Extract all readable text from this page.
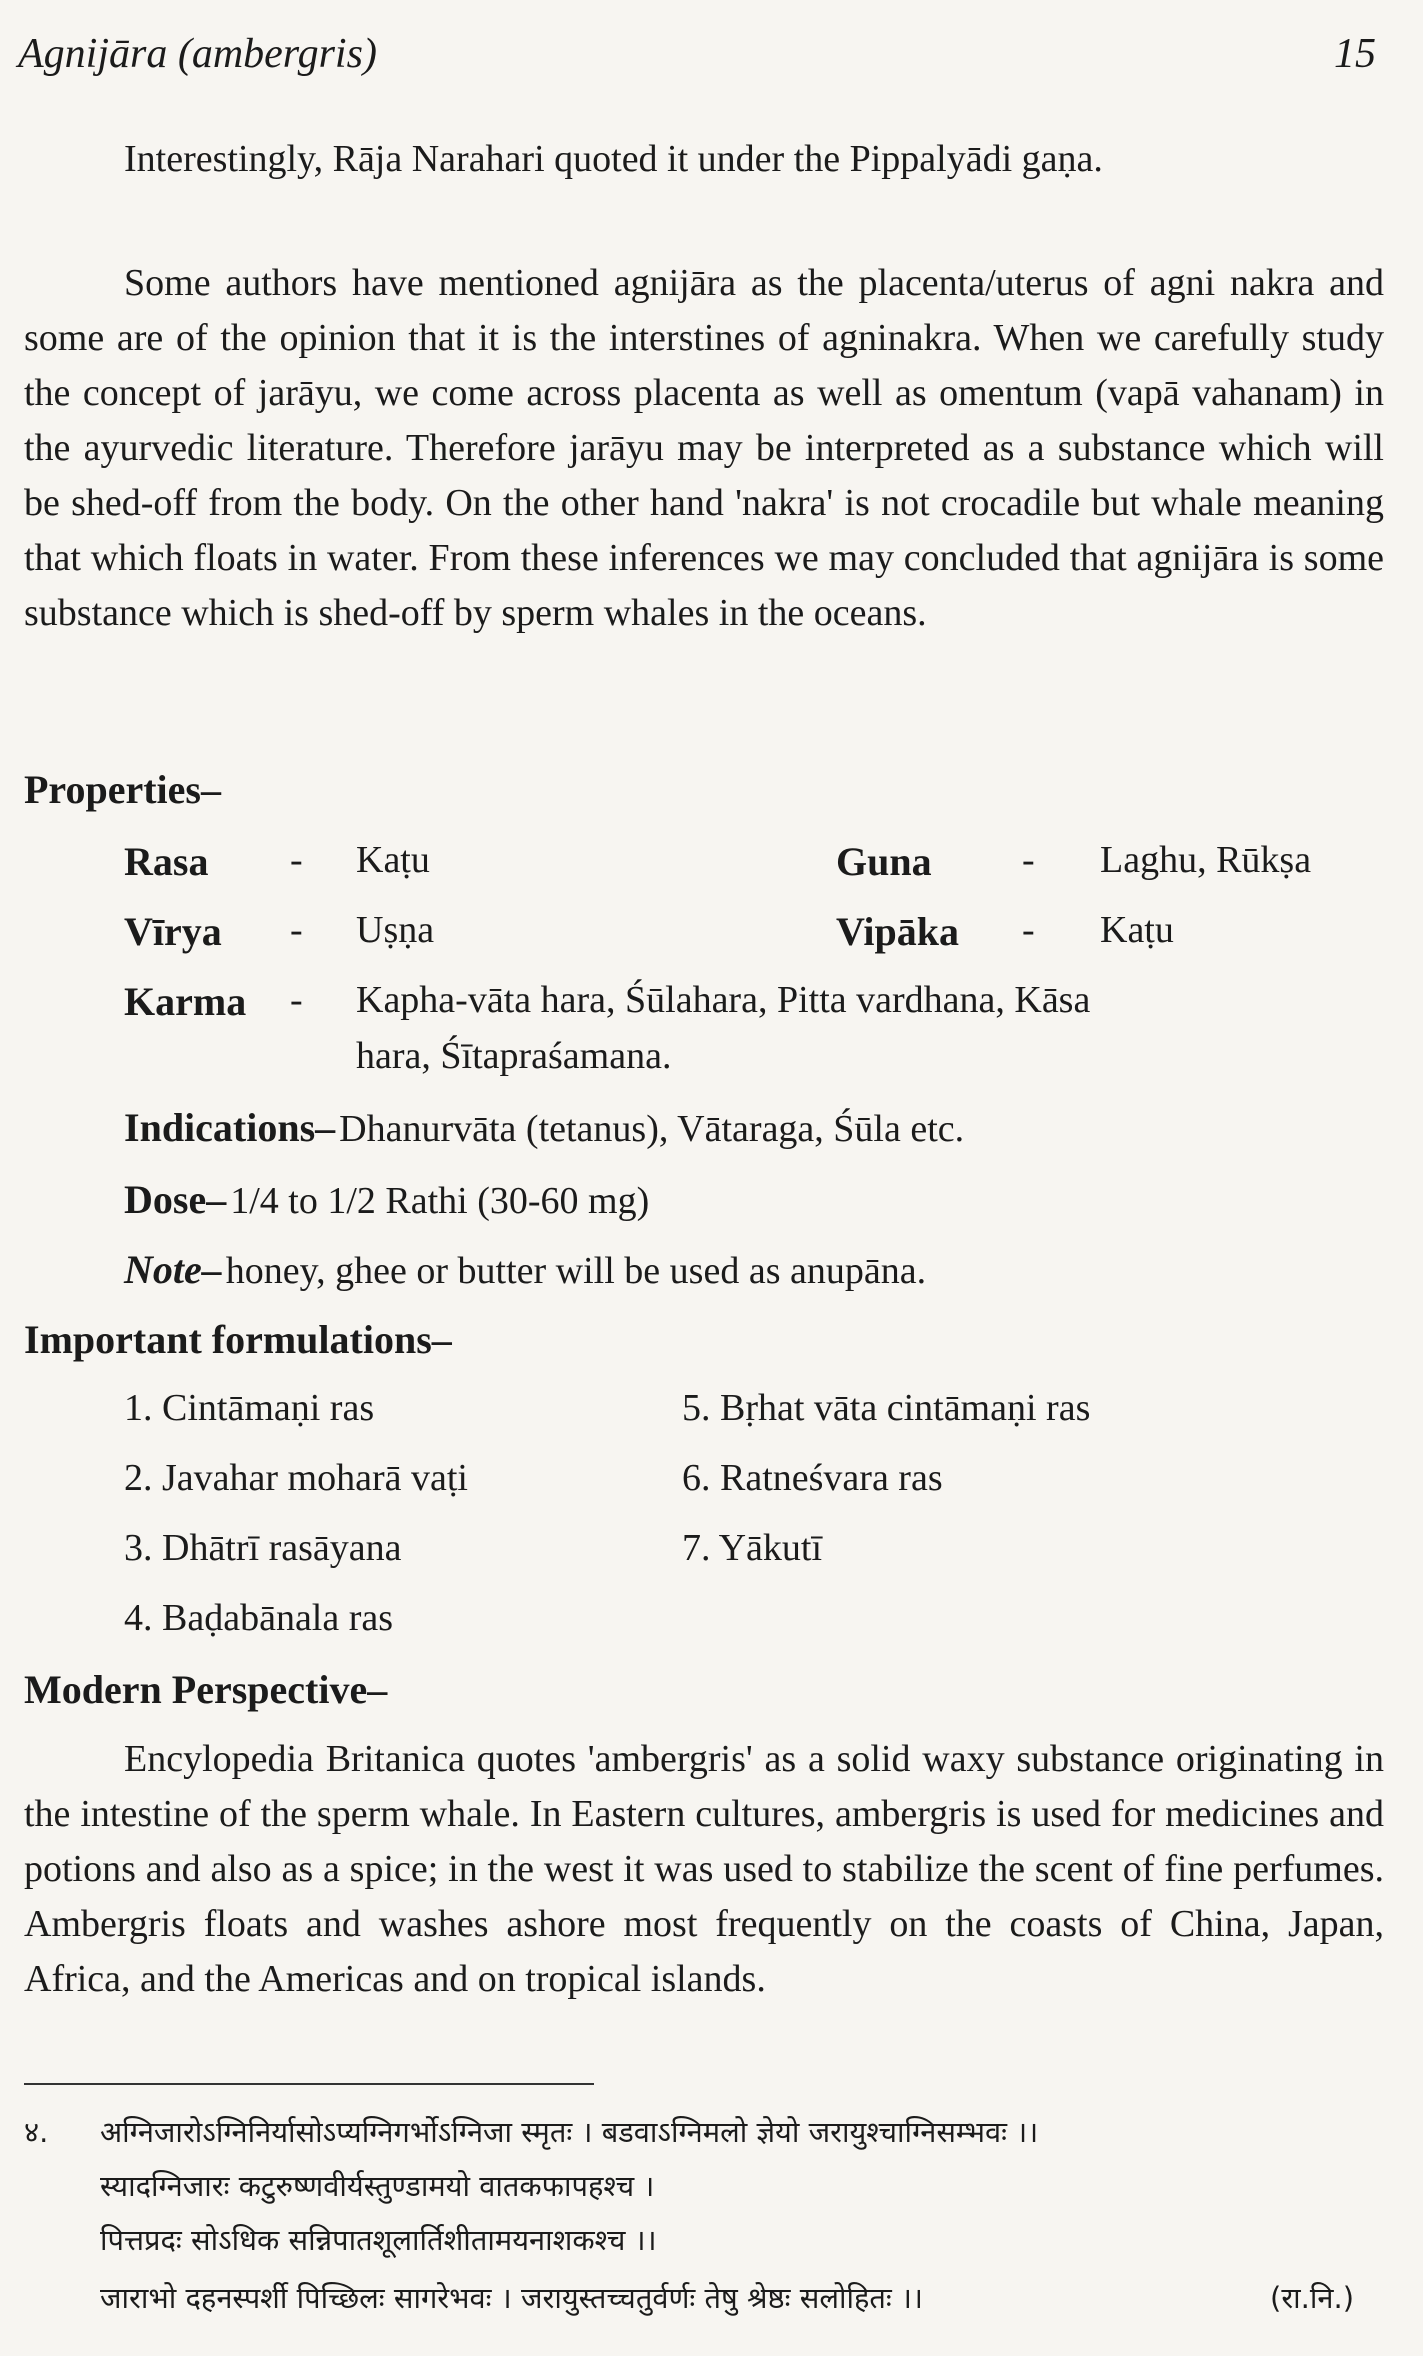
Agnijāra (ambergris)	15
Interestingly, Rāja Narahari quoted it under the Pippalyādi gaṇa.
Some authors have mentioned agnijāra as the placenta/uterus of agni nakra and some are of the opinion that it is the interstines of agninakra. When we carefully study the concept of jarāyu, we come across placenta as well as omentum (vapā vahanam) in the ayurvedic literature. Therefore jarāyu may be interpreted as a substance which will be shed-off from the body. On the other hand 'nakra' is not crocadile but whale meaning that which floats in water. From these inferences we may concluded that agnijāra is some substance which is shed-off by sperm whales in the oceans.
Properties–
Rasa - Kaṭu	Guna - Laghu, Rūkṣa
Vīrya - Uṣṇa	Vipāka - Kaṭu
Karma - Kapha-vāta hara, Śūlahara, Pitta vardhana, Kāsa
hara, Śītapraśamana.
Indications– Dhanurvāta (tetanus), Vātaraga, Śūla etc.
Dose– 1/4 to 1/2 Rathi (30-60 mg)
Note– honey, ghee or butter will be used as anupāna.
Important formulations–
1. Cintāmaṇi ras
2. Javahar moharā vaṭi
3. Dhātrī rasāyana
4. Baḍabānala ras
5. Bṛhat vāta cintāmaṇi ras
6. Ratneśvara ras
7. Yākutī
Modern Perspective–
Encylopedia Britanica quotes 'ambergris' as a solid waxy substance originating in the intestine of the sperm whale. In Eastern cultures, ambergris is used for medicines and potions and also as a spice; in the west it was used to stabilize the scent of fine perfumes. Ambergris floats and washes ashore most frequently on the coasts of China, Japan, Africa, and the Americas and on tropical islands.
४. अग्निजारोऽग्निनिर्यासोऽप्यग्निगर्भोऽग्निजा स्मृतः । बडवाऽग्निमलो ज्ञेयो जरायुश्चाग्निसम्भवः ।।
स्यादग्निजारः कटुरुष्णवीर्यस्तुण्डामयो वातकफापहश्च ।
पित्तप्रदः सोऽधिक सन्निपातशूलार्तिशीतामयनाशकश्च ।।
जाराभो दहनस्पर्शी पिच्छिलः सागरेभवः । जरायुस्तच्चतुर्वर्णः तेषु श्रेष्ठः सलोहितः ।।	(रा.नि.)
